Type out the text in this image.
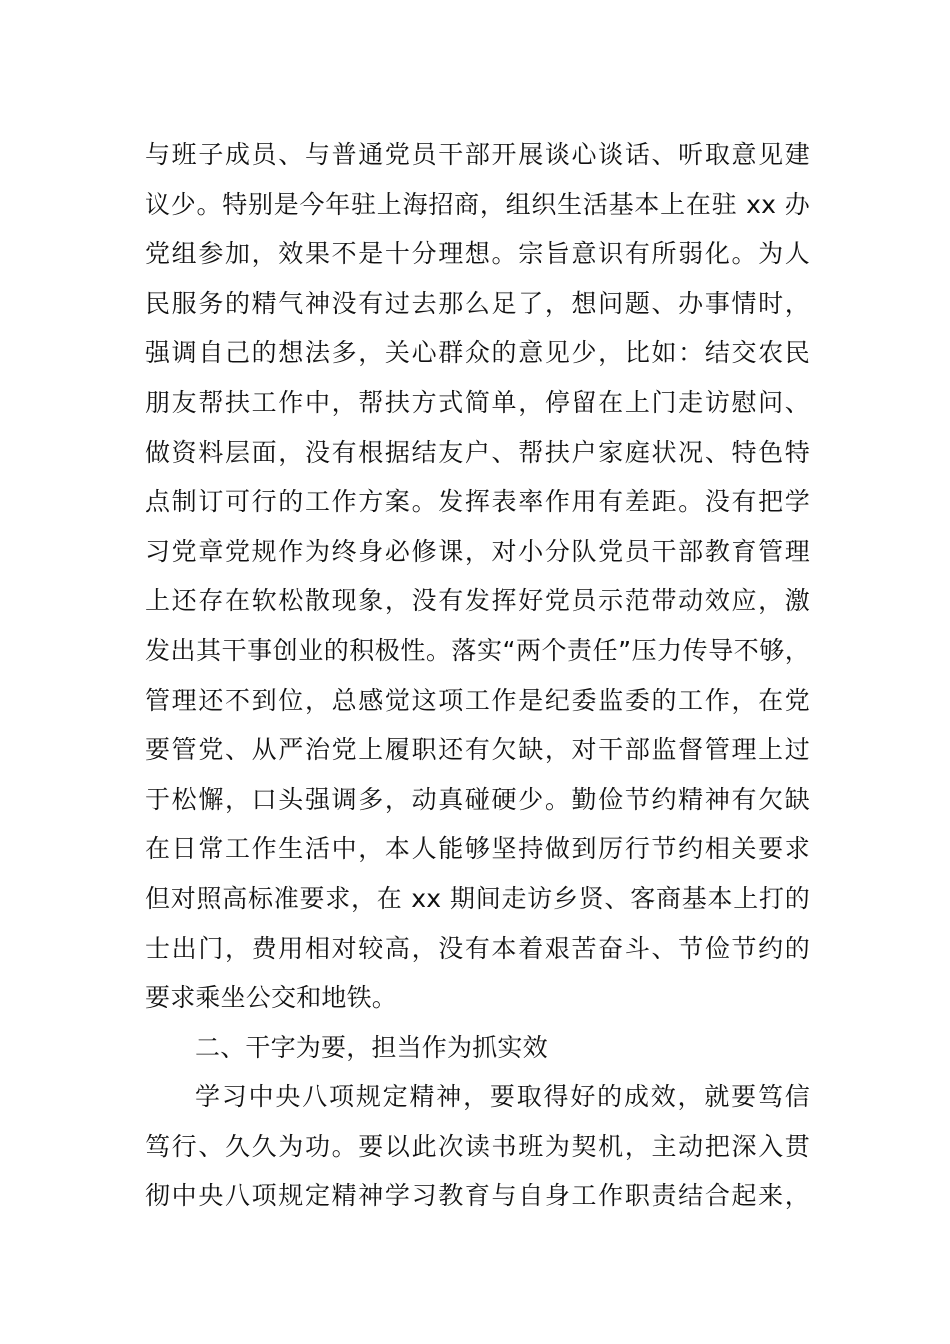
与班子成员、与普通党员干部开展谈心谈话、听取意见建
议少。特别是今年驻上海招商，组织生活基本上在驻 xx 办
党组参加，效果不是十分理想。宗旨意识有所弱化。为人
民服务的精气神没有过去那么足了，想问题、办事情时，
强调自己的想法多，关心群众的意见少，比如：结交农民
朋友帮扶工作中，帮扶方式简单，停留在上门走访慰问、
做资料层面，没有根据结友户、帮扶户家庭状况、特色特
点制订可行的工作方案。发挥表率作用有差距。没有把学
习党章党规作为终身必修课，对小分队党员干部教育管理
上还存在软松散现象，没有发挥好党员示范带动效应，激
发出其干事创业的积极性。落实“两个责任”压力传导不够，
管理还不到位，总感觉这项工作是纪委监委的工作，在党
要管党、从严治党上履职还有欠缺，对干部监督管理上过
于松懈，口头强调多，动真碰硬少。勤俭节约精神有欠缺
在日常工作生活中，本人能够坚持做到厉行节约相关要求
但对照高标准要求，在 xx 期间走访乡贤、客商基本上打的
士出门，费用相对较高，没有本着艰苦奋斗、节俭节约的
要求乘坐公交和地铁。
二、干字为要，担当作为抓实效
学习中央八项规定精神，要取得好的成效，就要笃信
笃行、久久为功。要以此次读书班为契机，主动把深入贯
彻中央八项规定精神学习教育与自身工作职责结合起来，
